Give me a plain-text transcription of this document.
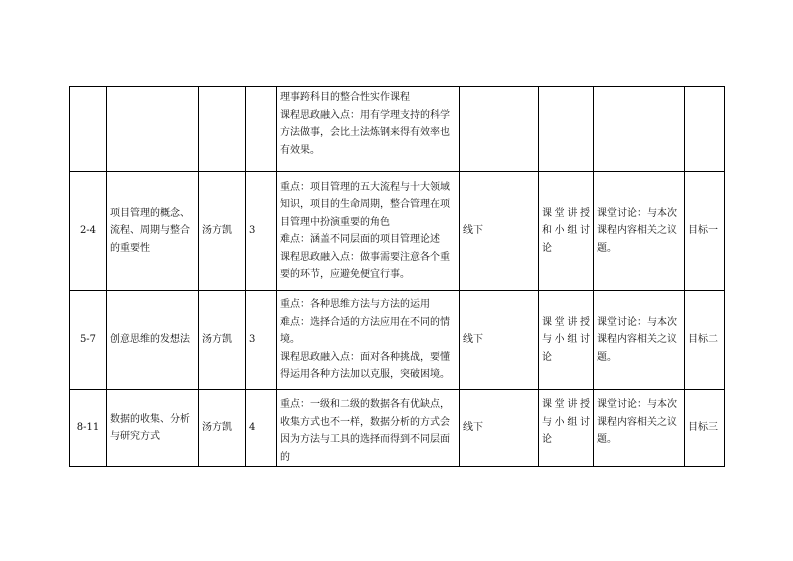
				理事跨科目的整合性实作课程

课程思政融入点：用有学理支持的科学方法做事，会比土法炼钢来得有效率也有效果。				

2-4	项目管理的概念、流程、周期与整合的重要性	汤方凯	3	重点：项目管理的五大流程与十大领域知识，项目的生命周期，整合管理在项目管理中扮演重要的角色

难点：涵盖不同层面的项目管理论述

课程思政融入点：做事需要注意各个重要的环节，应避免便宜行事。	线下	课堂讲授和小组讨论	课堂讨论：与本次课程内容相关之议题。	目标一
5-7	创意思维的发想法	汤方凯	3	重点：各种思维方法与方法的运用

难点：选择合适的方法应用在不同的情境。

课程思政融入点：面对各种挑战，要懂得运用各种方法加以克服，突破困境。	线下	课堂讲授与小组讨论	课堂讨论：与本次课程内容相关之议题。	目标二
8-11	数据的收集、分析与研究方式	汤方凯	4	重点：一级和二级的数据各有优缺点，收集方式也不一样，数据分析的方式会因为方法与工具的选择而得到不同层面的	线下	课堂讲授与小组讨论	课堂讨论：与本次课程内容相关之议题。	目标三
